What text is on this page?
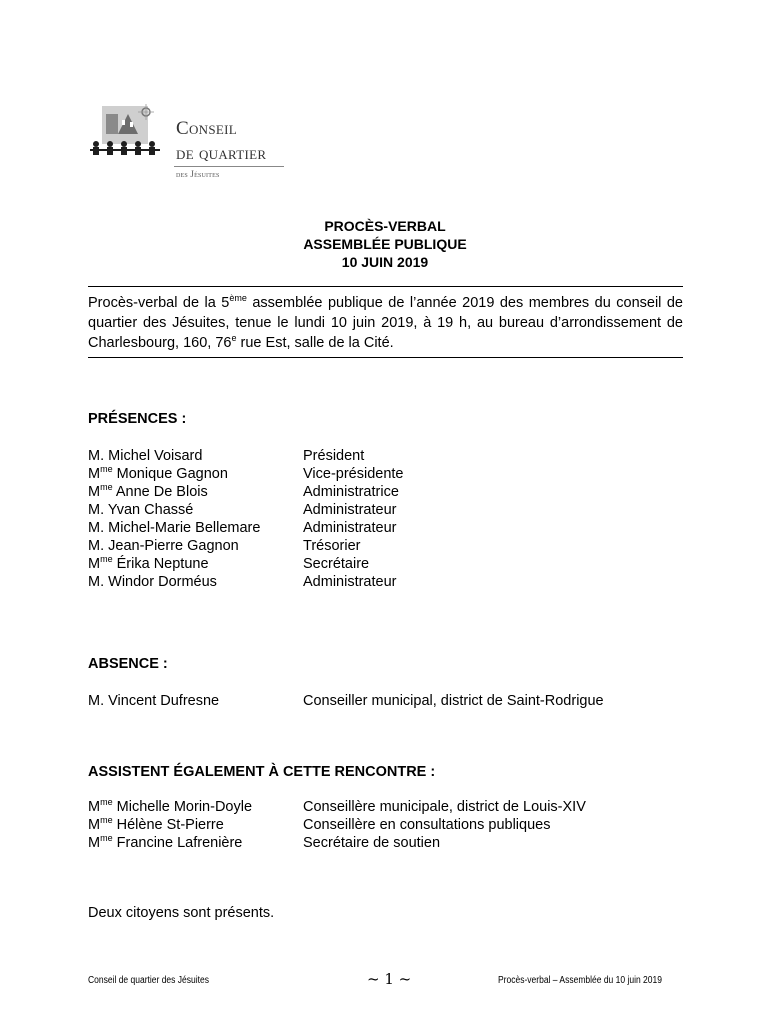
Conseil
de quartier
des Jésuites
PROCÈS-VERBAL
ASSEMBLÉE PUBLIQUE
10 JUIN 2019
Procès-verbal de la 5ème assemblée publique de l’année 2019 des membres du conseil de quartier des Jésuites, tenue le lundi 10 juin 2019, à 19 h, au bureau d’arrondissement de Charlesbourg, 160, 76e rue Est, salle de la Cité.
PRÉSENCES :
M. Michel Voisard	Président
$M^{me}$ Monique Gagnon	Vice-présidente
$M^{me}$ Anne De Blois	Administratrice
M. Yvan Chassé	Administrateur
M. Michel-Marie Bellemare	Administrateur
M. Jean-Pierre Gagnon	Trésorier
$M^{me}$ Érika Neptune	Secrétaire
M. Windor Dorméus	Administrateur
ABSENCE :
M. Vincent Dufresne	Conseiller municipal, district de Saint-Rodrigue
ASSISTENT ÉGALEMENT À CETTE RENCONTRE :
$M^{me}$ Michelle Morin-Doyle	Conseillère municipale, district de Louis-XIV
$M^{me}$ Hélène St-Pierre	Conseillère en consultations publiques
$M^{me}$ Francine Lafrenière	Secrétaire de soutien
Deux citoyens sont présents.
Conseil de quartier des Jésuites	~ 1 ~	Procès-verbal – Assemblée du 10 juin 2019
